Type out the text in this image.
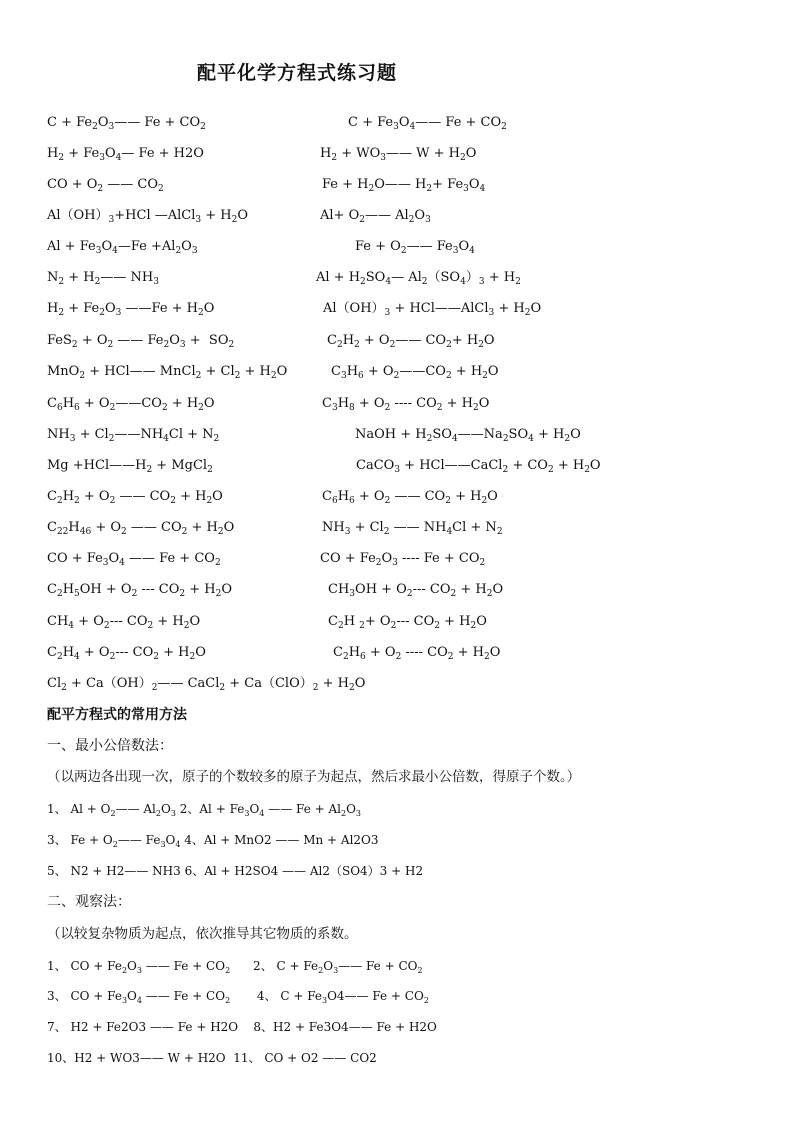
配平化学方程式练习题
$C + Fe_2O_3——$ $Fe + CO_2$
$H_2$ + $Fe_3O_4—$ Fe + H2O
CO + $O_2$ —— $CO_2$
$Al(OH)_3+HCl$ —AlCl$_3$ + $H_2O$
$Al + Fe_3O_4—Fe +Al_2O_3$
$N_2$ + $H_2——$ $NH_3$
$H_2 + Fe_2O_3$ ——Fe + $H_2O$
$FeS_2 + O_2$ —— $Fe_2O_3 + SO_2$
MnO$_2$ + HCl—— MnCl$_2$ + $Cl_2 + H_2O$
$C_6H_6$ + $O_2——CO_2 + H_2O$
$NH_3$ + $Cl_2——NH_4Cl + N_2$
$Mg +HCl——H_2$ + MgCl$_2$
$C_2H_2 + O_2$ —— $CO_2 + H_2O$
$C_{22}H_{46} + O_2$ —— $CO_2 + H_2O$
CO + $Fe_3O_4$ —— $Fe + CO_2$
$C_2H_5OH + O_2$ --- $CO_2 + H_2O$
$CH_4 + O_2---$ $CO_2 + H_2O$
$C_2H_4 + O_2---$ $CO_2 + H_2O$
$Cl_2$ + $Ca(OH)_2——$ CaCl$_2$ + $Ca(ClO)_2 + H_2O$
$C + Fe_3O_4——$ $Fe + CO_2$
$H_2$ + $WO_3——$ $W + H_2O$
$Fe + H_2O——$ $H_2+ Fe_3O_4$
$Al+ O_2——$ $Al_2O_3$
$Fe + O_2——$ $Fe_3O_4$
$Al + H_2SO_4—$ $Al_2(SO_4)_3 + H_2$
$Al(OH)_3$ + HCl——AlCl$_3$ + $H_2O$
$C_2H_2$ + $O_2——$ $CO_2+ H_2O$
$C_3H_6$ + $O_2——CO_2 + H_2O$
$C_3H_8 + O_2$ ---- $CO_2 + H_2O$
NaOH + $H_2SO_4——Na_2SO_4 + H_2O$
CaCO$_3$ + HCl——CaCl$_2$ + $CO_2 + H_2O$
$C_6H_6 + O_2$ —— $CO_2 + H_2O$
$NH_3 + Cl_2$ —— $NH_4Cl + N_2$
CO + $Fe_2O_3$ ---- $Fe + CO_2$
$CH_3OH + O_2---$ $CO_2 + H_2O$
$C_2H$ $_2+ O_2---$ $CO_2 + H_2O$
$C_2H_6 + O_2$ ---- $CO_2 + H_2O$
配平方程式的常用方法
一、最小公倍数法：
（以两边各出现一次，原子的个数较多的原子为起点，然后求最小公倍数，得原子个数。）
1、 $Al + O_2——$ $Al_2O_3$ 2、$Al + Fe_3O_4$ —— $Fe + Al_2O_3$
3、 $Fe + O_2——$ $Fe_3O_4$ 4、Al + MnO2 —— Mn + Al2O3
5、 N2 + H2—— NH3 6、Al + H2SO4 —— Al2（SO4）3 + H2
二、观察法：
（以较复杂物质为起点，依次推导其它物质的系数。
1、 CO + $Fe_2O_3$ —— $Fe + CO_2$      2、 $C + Fe_2O_3——$ $Fe + CO_2$
3、 CO + $Fe_3O_4$ —— $Fe + CO_2$       4、 $C + Fe_3O4——$ $Fe + CO_2$
7、 H2 + Fe2O3 —— Fe + H2O    8、H2 + Fe3O4—— Fe + H2O
10、H2 + WO3—— W + H2O  11、 CO + O2 —— CO2
